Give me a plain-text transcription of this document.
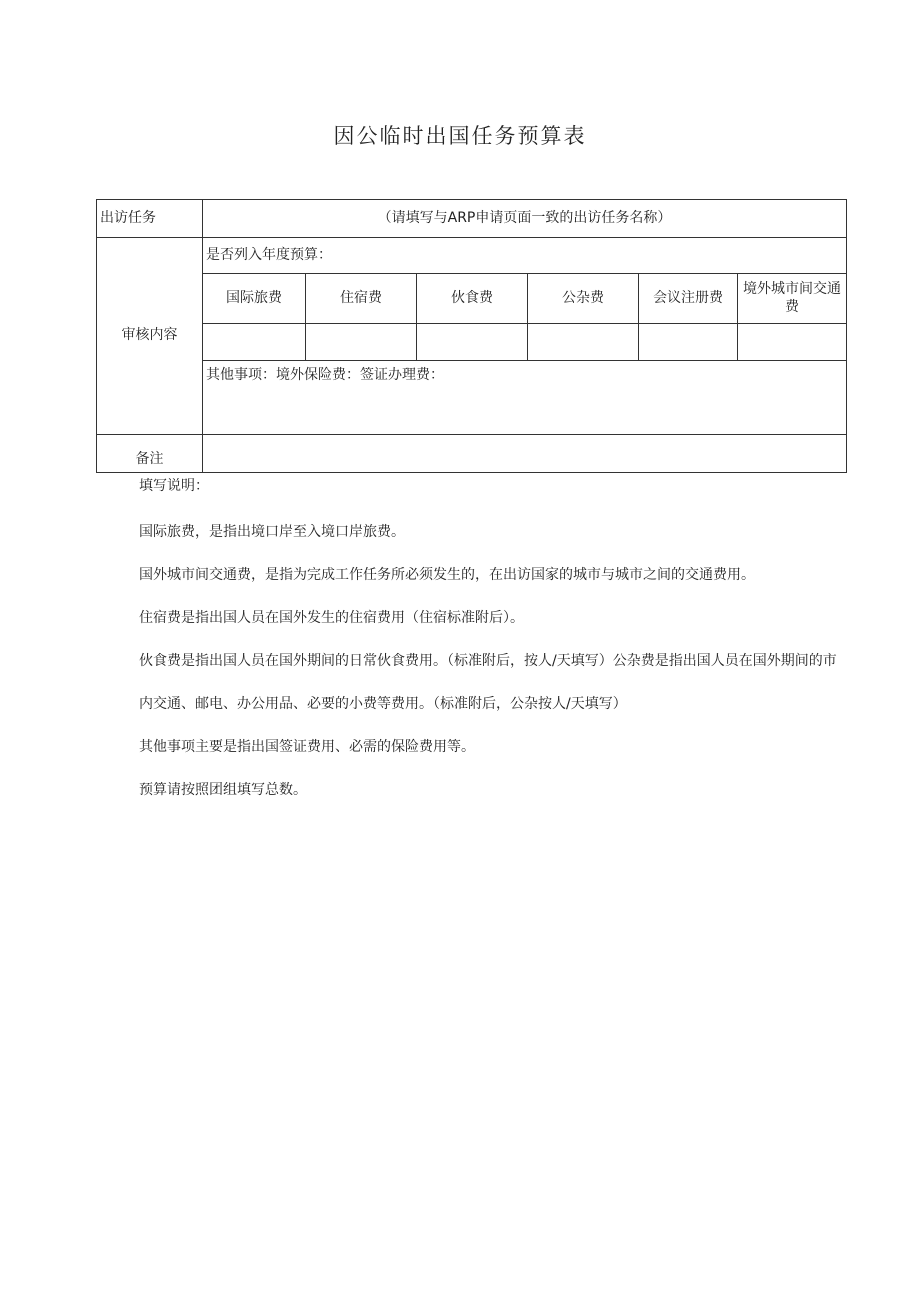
因公临时出国任务预算表
出访任务	（请填写与ARP申请页面一致的出访任务名称）					
审核内容	是否列入年度预算：					
	国际旅费	住宿费	伙食费	公杂费	会议注册费	境外城市间交通费

	其他事项：境外保险费：签证办理费：					
备注						

填写说明：

国际旅费，是指出境口岸至入境口岸旅费。

国外城市间交通费，是指为完成工作任务所必须发生的，在出访国家的城市与城市之间的交通费用。

住宿费是指出国人员在国外发生的住宿费用（住宿标准附后）。

伙食费是指出国人员在国外期间的日常伙食费用。（标准附后，按人/天填写）公杂费是指出国人员在国外期间的市内交通、邮电、办公用品、必要的小费等费用。（标准附后，公杂按人/天填写）

其他事项主要是指出国签证费用、必需的保险费用等。

预算请按照团组填写总数。
